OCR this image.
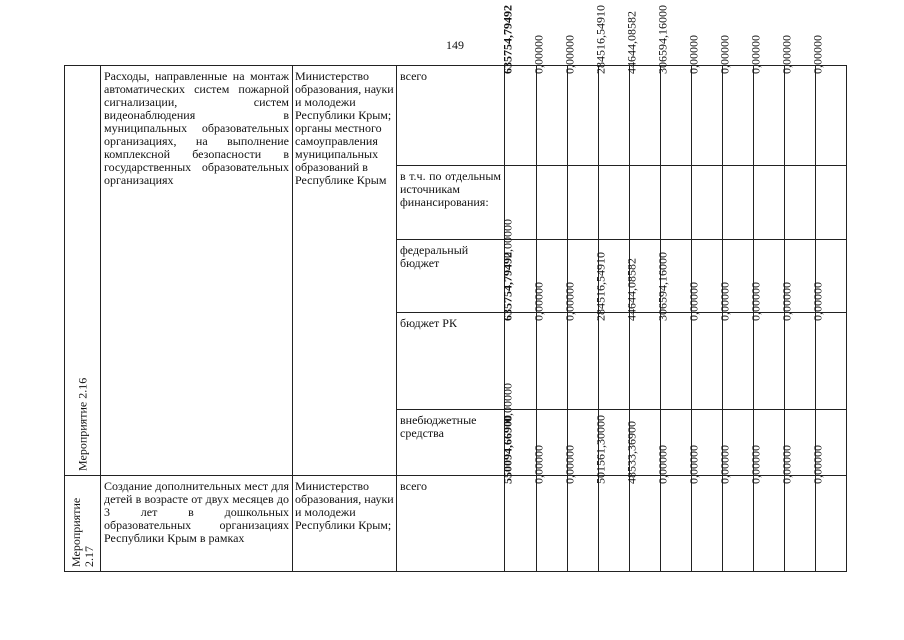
149
Мероприятие 2.16	Расходы, направленные на монтаж автоматических систем пожарной сигнализации, систем видеонаблюдения в муниципальных образовательных организациях, на выполнение комплексной безопасности в государственных образовательных организациях	Министерство образования, науки и молодежи Республики Крым; органы местного самоуправления муниципальных образований в Республике Крым	всего	635754,79492	0,00000	0,00000	284516,54910	44644,08582	306594,16000	0,00000	0,00000	0,00000	0,00000	0,00000

			в т.ч. по отдельным источникам финансирования:											

			федеральный бюджет	0,00000										

			бюджет РК	635754,79492	0,00000	0,00000	284516,54910	44644,08582	306594,16000	0,00000	0,00000	0,00000	0,00000	0,00000

			внебюджетные средства	0,00000										

Мероприятие 2.17	Создание дополнительных мест для детей в возрасте от двух месяцев до 3 лет в дошкольных образовательных организациях Республики Крым в рамках	Министерство образования, науки и молодежи Республики Крым;	всего	550094,66900	0,00000	0,00000	501561,30000	48533,36900	0,00000	0,00000	0,00000	0,00000	0,00000	0,00000
